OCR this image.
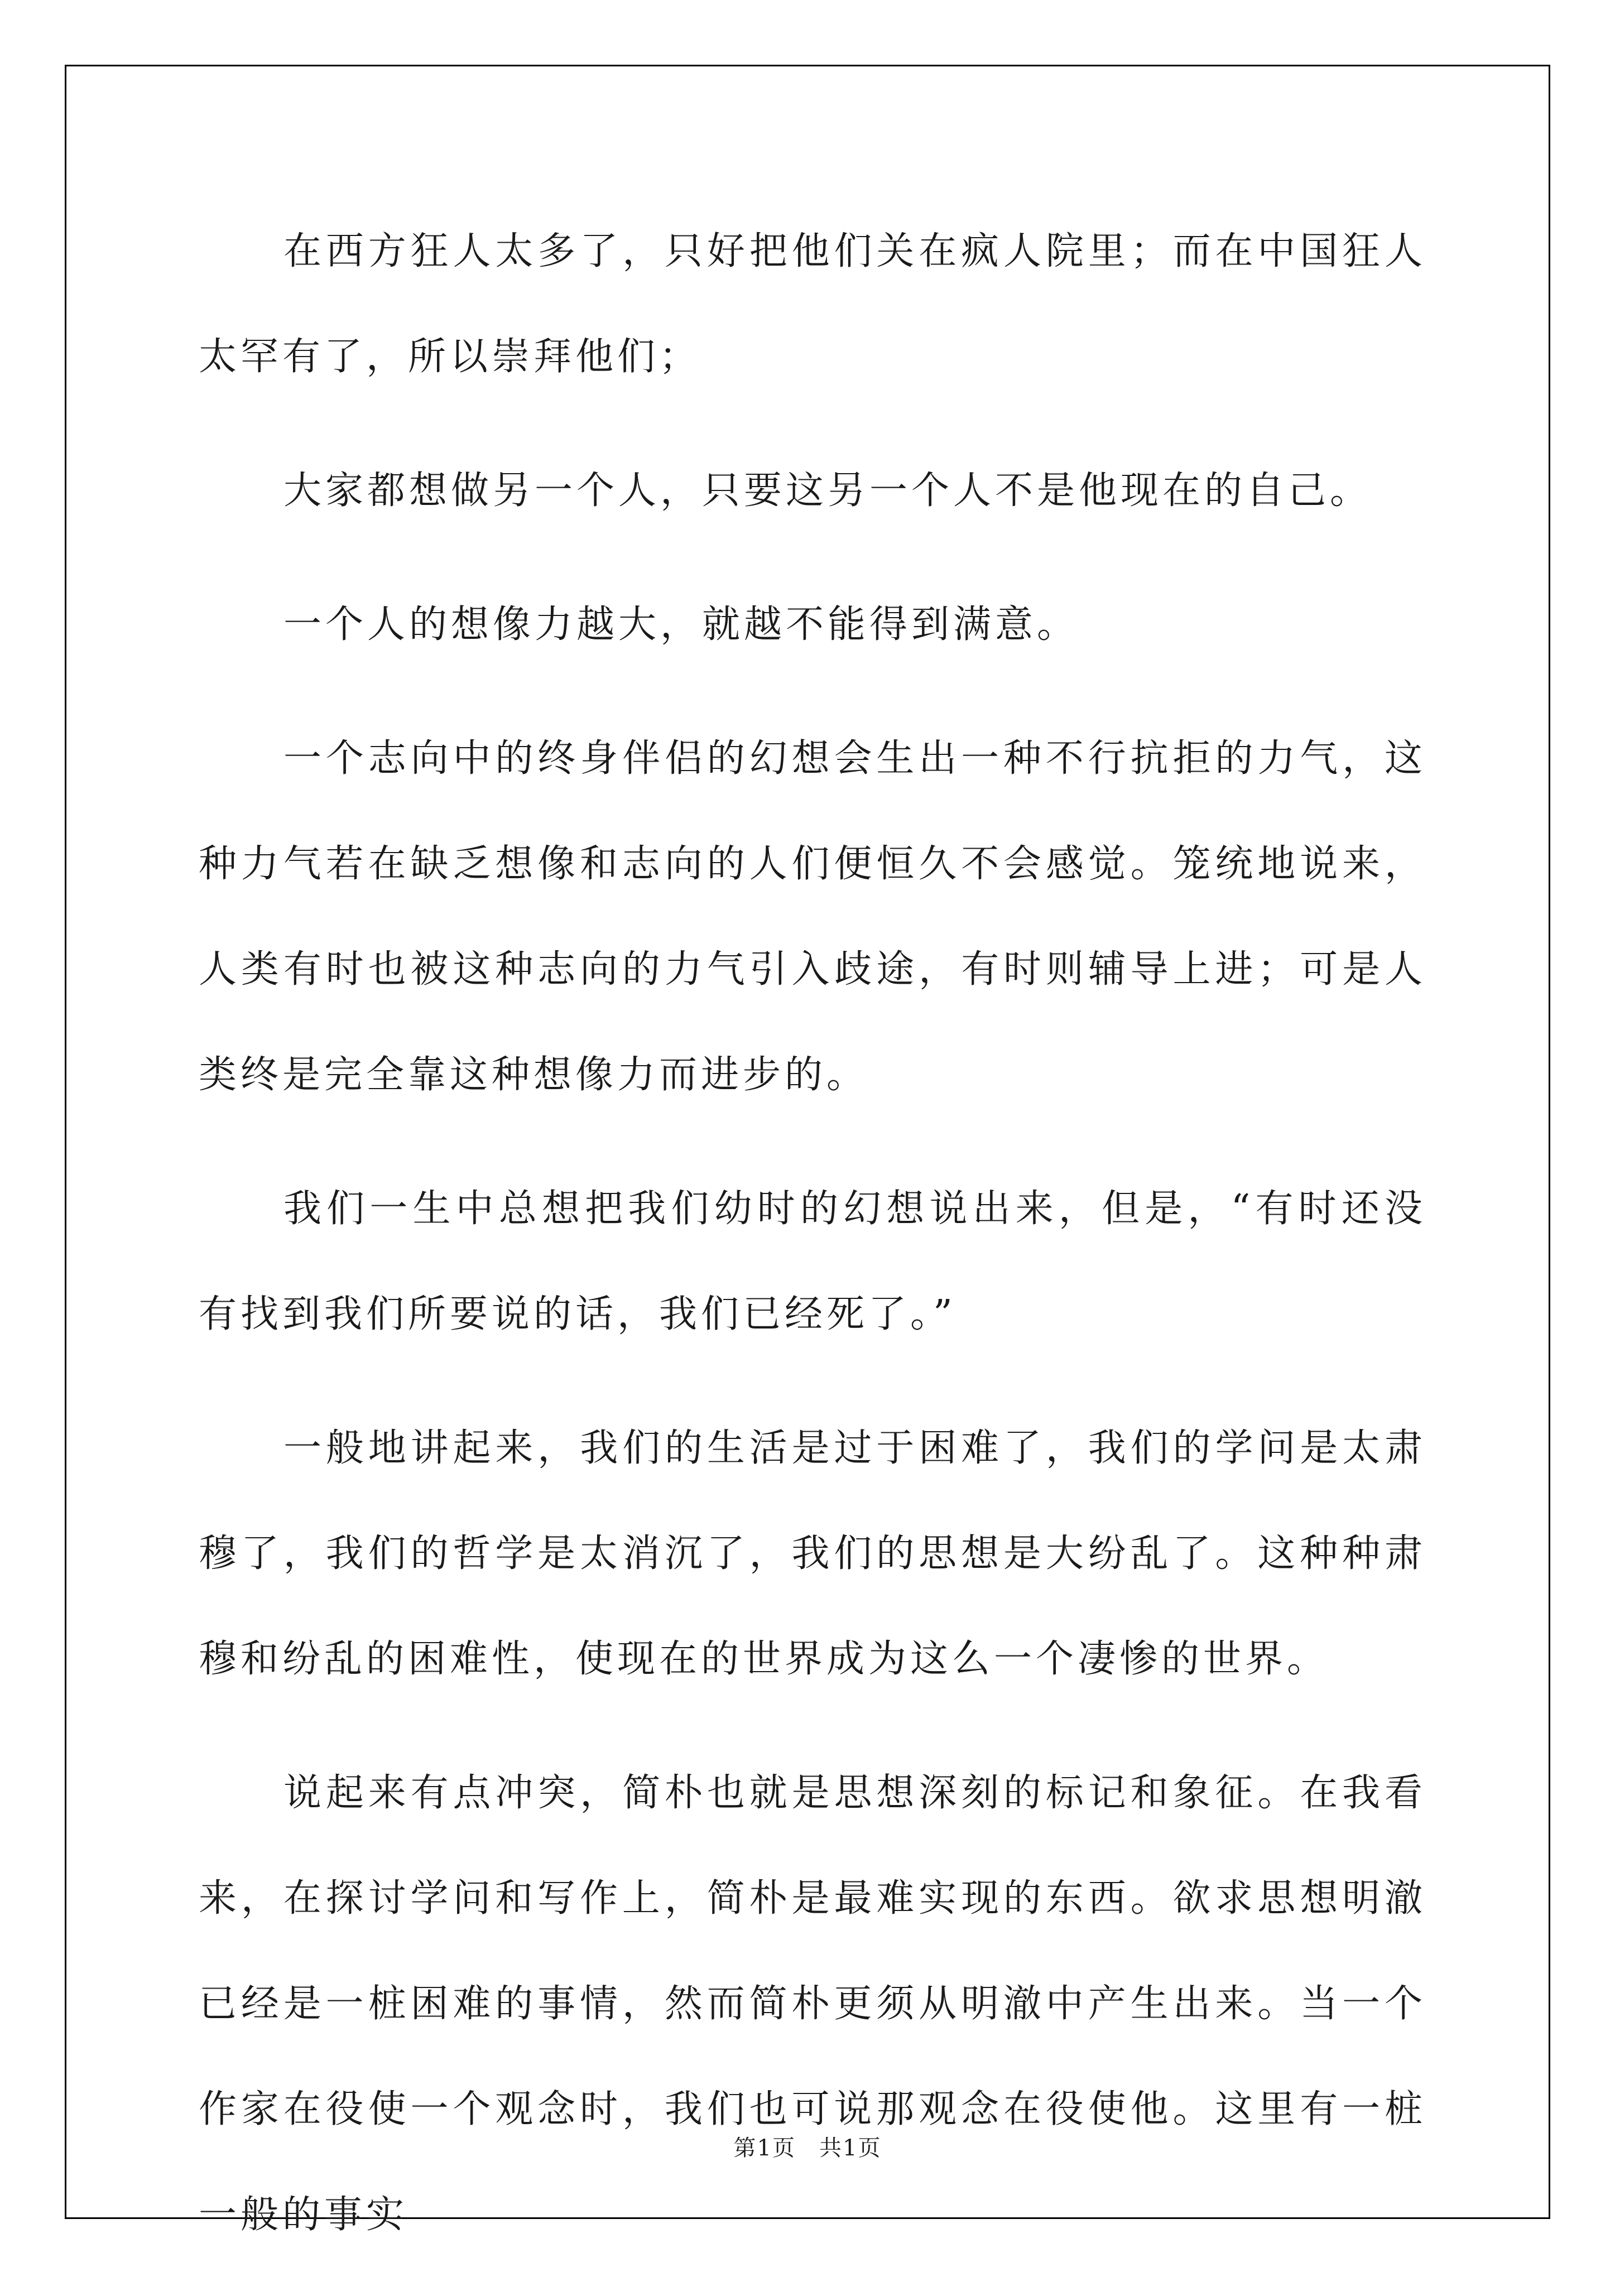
在西方狂人太多了，只好把他们关在疯人院里；而在中国狂人太罕有了，所以崇拜他们；

大家都想做另一个人，只要这另一个人不是他现在的自己。

一个人的想像力越大，就越不能得到满意。

一个志向中的终身伴侣的幻想会生出一种不行抗拒的力气，这种力气若在缺乏想像和志向的人们便恒久不会感觉。笼统地说来，人类有时也被这种志向的力气引入歧途，有时则辅导上进；可是人类终是完全靠这种想像力而进步的。

我们一生中总想把我们幼时的幻想说出来，但是，“有时还没有找到我们所要说的话，我们已经死了。”

一般地讲起来，我们的生活是过于困难了，我们的学问是太肃穆了，我们的哲学是太消沉了，我们的思想是大纷乱了。这种种肃穆和纷乱的困难性，使现在的世界成为这么一个凄惨的世界。

说起来有点冲突，简朴也就是思想深刻的标记和象征。在我看来，在探讨学问和写作上，简朴是最难实现的东西。欲求思想明澈已经是一桩困难的事情，然而简朴更须从明澈中产生出来。当一个作家在役使一个观念时，我们也可说那观念在役使他。这里有一桩一般的事实

第1页　共1页
